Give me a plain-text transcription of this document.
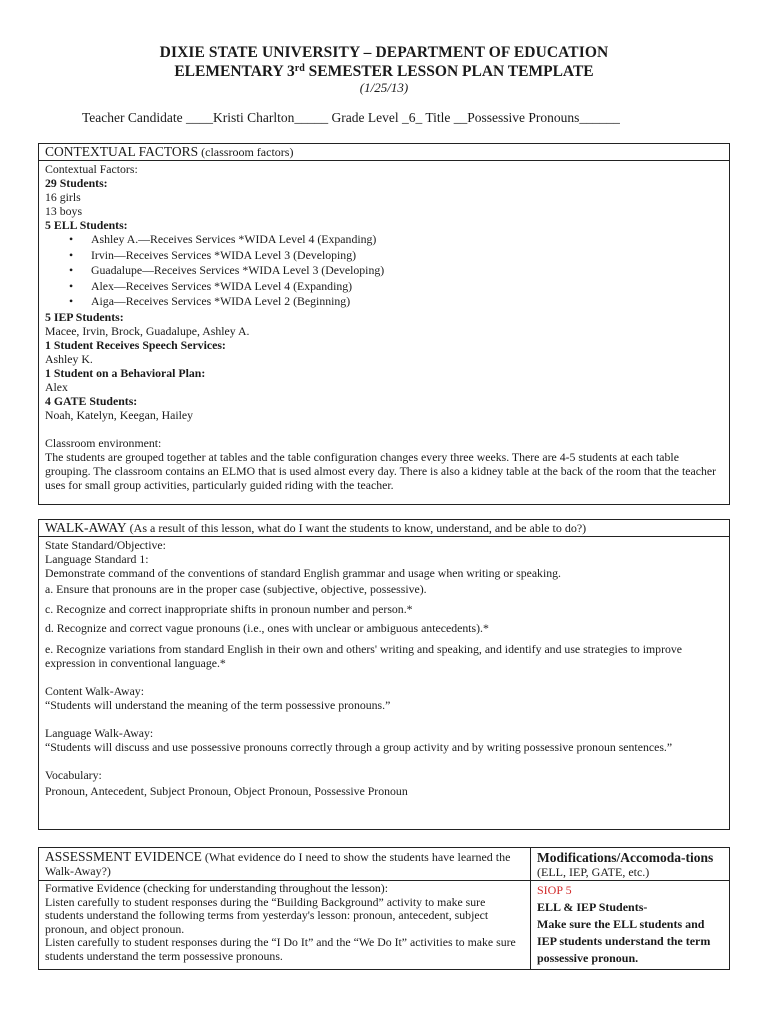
DIXIE STATE UNIVERSITY – DEPARTMENT OF EDUCATION
ELEMENTARY 3rd SEMESTER LESSON PLAN TEMPLATE
(1/25/13)
Teacher Candidate ____Kristi Charlton_____ Grade Level _6_ Title __Possessive Pronouns______
CONTEXTUAL FACTORS (classroom factors)
Contextual Factors:
29 Students:
16 girls
13 boys
5 ELL Students:
• Ashley A.—Receives Services *WIDA Level 4 (Expanding)
• Irvin—Receives Services *WIDA Level 3 (Developing)
• Guadalupe—Receives Services *WIDA Level 3 (Developing)
• Alex—Receives Services *WIDA Level 4 (Expanding)
• Aiga—Receives Services *WIDA Level 2 (Beginning)
5 IEP Students:
Macee, Irvin, Brock, Guadalupe, Ashley A.
1 Student Receives Speech Services:
Ashley K.
1 Student on a Behavioral Plan:
Alex
4 GATE Students:
Noah, Katelyn, Keegan, Hailey
Classroom environment:
The students are grouped together at tables and the table configuration changes every three weeks. There are 4-5 students at each table grouping. The classroom contains an ELMO that is used almost every day. There is also a kidney table at the back of the room that the teacher uses for small group activities, particularly guided riding with the teacher.
WALK-AWAY (As a result of this lesson, what do I want the students to know, understand, and be able to do?)
State Standard/Objective:
Language Standard 1:
Demonstrate command of the conventions of standard English grammar and usage when writing or speaking.
a. Ensure that pronouns are in the proper case (subjective, objective, possessive).
c. Recognize and correct inappropriate shifts in pronoun number and person.*
d. Recognize and correct vague pronouns (i.e., ones with unclear or ambiguous antecedents).*
e. Recognize variations from standard English in their own and others' writing and speaking, and identify and use strategies to improve expression in conventional language.*
Content Walk-Away:
“Students will understand the meaning of the term possessive pronouns.”
Language Walk-Away:
“Students will discuss and use possessive pronouns correctly through a group activity and by writing possessive pronoun sentences.”
Vocabulary:
Pronoun, Antecedent, Subject Pronoun, Object Pronoun, Possessive Pronoun
ASSESSMENT EVIDENCE (What evidence do I need to show the students have learned the Walk-Away?)
Formative Evidence (checking for understanding throughout the lesson):
Listen carefully to student responses during the “Building Background” activity to make sure students understand the following terms from yesterday's lesson: pronoun, antecedent, subject pronoun, and object pronoun.
Listen carefully to student responses during the “I Do It” and the “We Do It” activities to make sure students understand the term possessive pronouns.
Modifications/Accomoda-tions
(ELL, IEP, GATE, etc.)
SIOP 5
ELL & IEP Students-
Make sure the ELL students and IEP students understand the term possessive pronoun.
